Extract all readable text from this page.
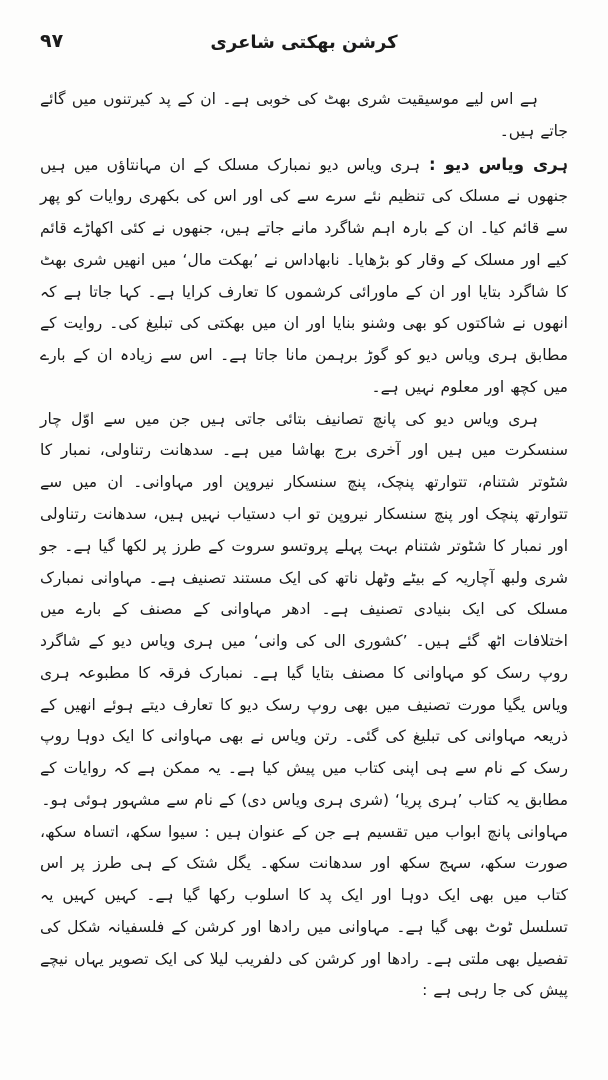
۹۷	کرشن بھکتی شاعری

ہے اس لیے موسیقیت شری بھٹ کی خوبی ہے۔ ان کے پد کیرتنوں میں گائے جاتے ہیں۔

ہری ویاس دیو : ہری ویاس دیو نمبارک مسلک کے ان مہانتاؤں میں ہیں جنھوں نے مسلک کی تنظیم نئے سرے سے کی اور اس کی بکھری روایات کو پھر سے قائم کیا۔ ان کے بارہ اہم شاگرد مانے جاتے ہیں، جنھوں نے کئی اکھاڑے قائم کیے اور مسلک کے وقار کو بڑھایا۔ نابھاداس نے ’بھکت مال‘ میں انھیں شری بھٹ کا شاگرد بتایا اور ان کے ماورائی کرشموں کا تعارف کرایا ہے۔ کہا جاتا ہے کہ انھوں نے شاکتوں کو بھی وشنو بنایا اور ان میں بھکتی کی تبلیغ کی۔ روایت کے مطابق ہری ویاس دیو کو گوڑ برہمن مانا جاتا ہے۔ اس سے زیادہ ان کے بارے میں کچھ اور معلوم نہیں ہے۔

ہری ویاس دیو کی پانچ تصانیف بتائی جاتی ہیں جن میں سے اوّل چار سنسکرت میں ہیں اور آخری برج بھاشا میں ہے۔ سدھانت رتناولی، نمبار کا شٹوتر شتنام، تتوارتھ پنچک، پنچ سنسکار نیروپن اور مہاوانی۔ ان میں سے تتوارتھ پنچک اور پنچ سنسکار نیروپن تو اب دستیاب نہیں ہیں، سدھانت رتناولی اور نمبار کا شٹوتر شتنام بہت پہلے پروتسو سروت کے طرز پر لکھا گیا ہے۔ جو شری ولبھ آچاریہ کے بیٹے وٹھل ناتھ کی ایک مستند تصنیف ہے۔ مہاوانی نمبارک مسلک کی ایک بنیادی تصنیف ہے۔ ادھر مہاوانی کے مصنف کے بارے میں اختلافات اٹھ گئے ہیں۔ ’کشوری الی کی وانی‘ میں ہری ویاس دیو کے شاگرد روپ رسک کو مہاوانی کا مصنف بتایا گیا ہے۔ نمبارک فرقہ کا مطبوعہ ہری ویاس یگیا مورت تصنیف میں بھی روپ رسک دیو کا تعارف دیتے ہوئے انھیں کے ذریعہ مہاوانی کی تبلیغ کی گئی۔ رتن ویاس نے بھی مہاوانی کا ایک دوہا روپ رسک کے نام سے ہی اپنی کتاب میں پیش کیا ہے۔ یہ ممکن ہے کہ روایات کے مطابق یہ کتاب ’ہری پریا‘ (شری ہری ویاس دی) کے نام سے مشہور ہوئی ہو۔

مہاوانی پانچ ابواب میں تقسیم ہے جن کے عنوان ہیں : سیوا سکھ، اتساہ سکھ، صورت سکھ، سہج سکھ اور سدھانت سکھ۔ یگل شتک کے ہی طرز پر اس کتاب میں بھی ایک دوہا اور ایک پد کا اسلوب رکھا گیا ہے۔ کہیں کہیں یہ تسلسل ٹوٹ بھی گیا ہے۔ مہاوانی میں رادھا اور کرشن کے فلسفیانہ شکل کی تفصیل بھی ملتی ہے۔ رادھا اور کرشن کی دلفریب لیلا کی ایک تصویر یہاں نیچے پیش کی جا رہی ہے :
